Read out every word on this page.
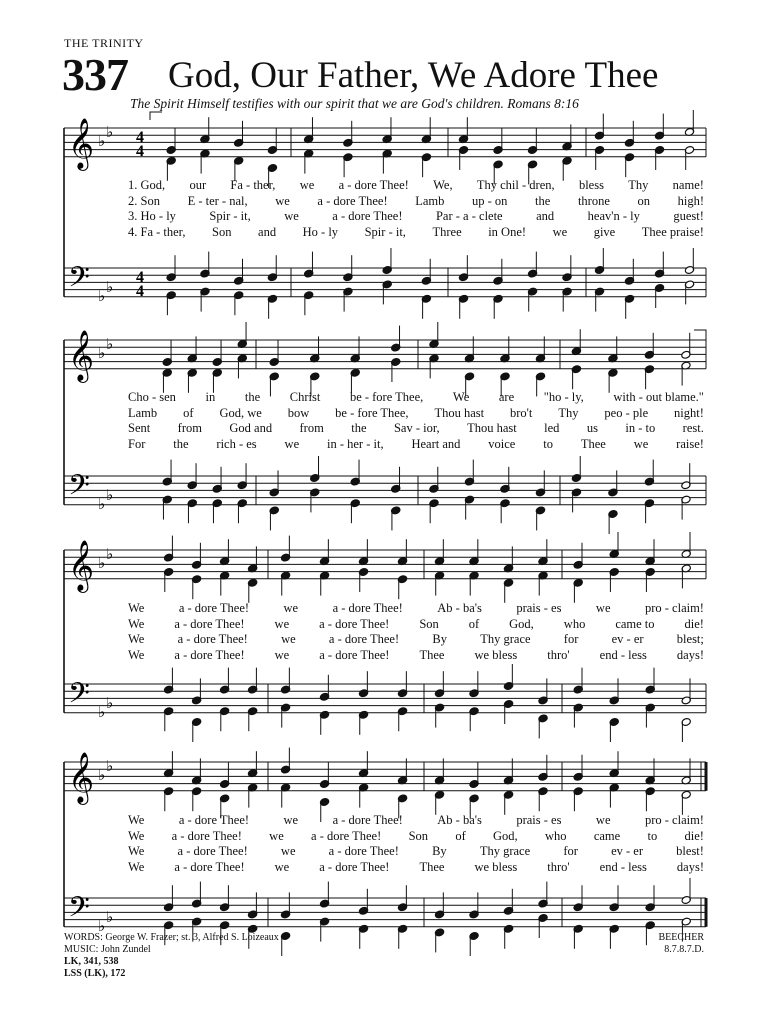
THE TRINITY
337 God, Our Father, We Adore Thee
The Spirit Himself testifies with our spirit that we are God's children. Romans 8:16
𝄞
𝄢
♭ ♭
♭ ♭
4
4
4
4
𝄞
𝄢
♭ ♭
♭ ♭
𝄞
𝄢
♭ ♭
♭ ♭
𝄞
𝄢
♭ ♭
♭ ♭
1. God, our Fa - ther, we a - dore Thee! We, Thy chil - dren, bless Thy name!
2. Son E - ter - nal, we a - dore Thee! Lamb up - on the throne on high!
3. Ho - ly	Spir - it,	we	a - dore Thee!	Par - a - clete	and	heav'n - ly	guest!
4. Fa - ther, Son and Ho - ly Spir - it, Three in One! we give Thee praise!
Cho - sen in the Christ be - fore Thee, We are "ho - ly, with - out blame."
Lamb of God, we bow be - fore Thee, Thou hast bro't Thy peo - ple night!
Sent from God and from the Sav - ior, Thou hast led us in - to rest.
For the rich - es we in - her - it, Heart and voice to Thee we raise!
We	a - dore Thee!	we	a - dore Thee!	Ab - ba's	prais - es	we	pro - claim!
We a - dore Thee! we a - dore Thee! Son of God, who came to die!
We	a - dore Thee!	we	a - dore Thee!	By	Thy grace	for	ev - er	blest;
We a - dore Thee! we a - dore Thee! Thee we bless thro' end - less days!
We	a - dore Thee!	we	a - dore Thee!	Ab - ba's	prais - es	we	pro - claim!
We a - dore Thee! we a - dore Thee! Son of God, who came to die!
We	a - dore Thee!	we	a - dore Thee!	By	Thy grace	for	ev - er	blest!
We a - dore Thee! we a - dore Thee! Thee we bless thro' end - less days!
WORDS: George W. Frazer; st. 3, Alfred S. Loizeaux
MUSIC: John Zundel
LK, 341, 538
LSS (LK), 172
BEECHER
8.7.8.7.D.
